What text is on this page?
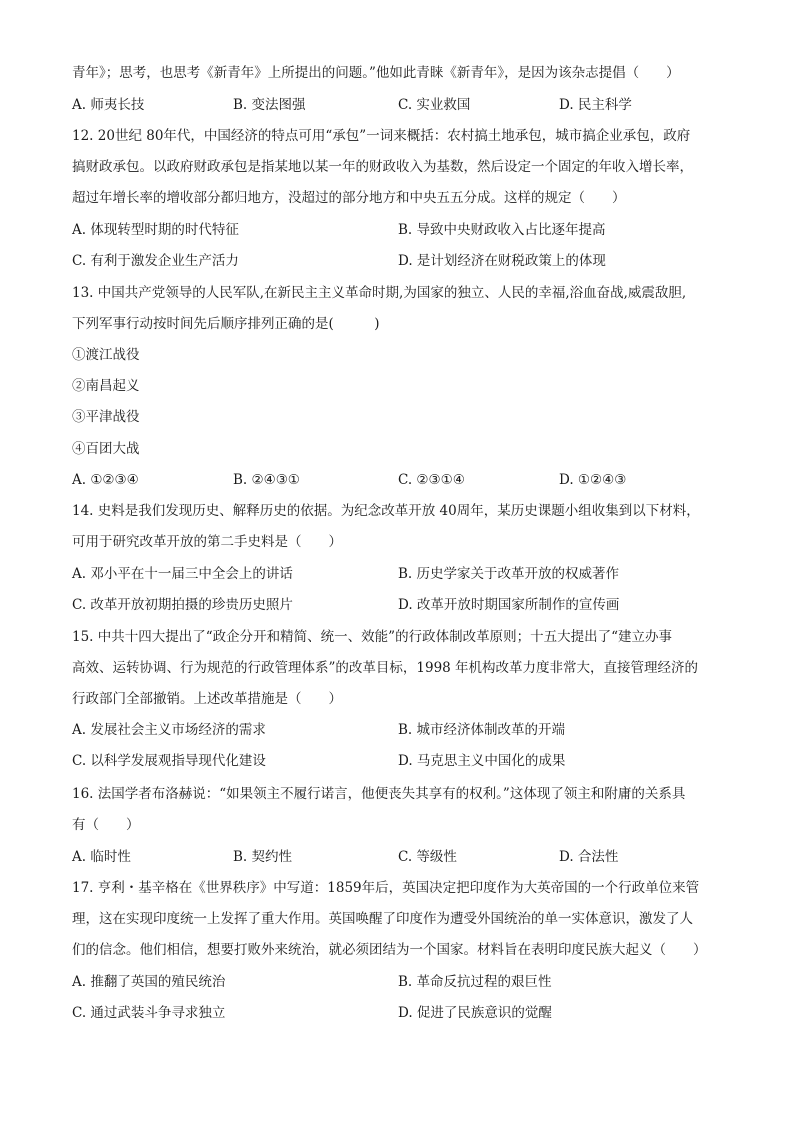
青年》；思考，也思考《新青年》上所提出的问题。”他如此青睐《新青年》，是因为该杂志提倡（　　）
A. 师夷长技	B. 变法图强	C. 实业救国	D. 民主科学
12. 20世纪 80年代，中国经济的特点可用“承包”一词来概括：农村搞土地承包，城市搞企业承包，政府
搞财政承包。以政府财政承包是指某地以某一年的财政收入为基数，然后设定一个固定的年收入增长率，
超过年增长率的增收部分都归地方，没超过的部分地方和中央五五分成。这样的规定（　　）
A. 体现转型时期的时代特征	B. 导致中央财政收入占比逐年提高
C. 有利于激发企业生产活力	D. 是计划经济在财税政策上的体现
13. 中国共产党领导的人民军队,在新民主主义革命时期,为国家的独立、人民的幸福,浴血奋战,威震敌胆,
下列军事行动按时间先后顺序排列正确的是(　　　)
①渡江战役
②南昌起义
③平津战役
④百团大战
A. ①②③④	B. ②④③①	C. ②③①④	D. ①②④③
14. 史料是我们发现历史、解释历史的依据。为纪念改革开放 40周年，某历史课题小组收集到以下材料，
可用于研究改革开放的第二手史料是（　　）
A. 邓小平在十一届三中全会上的讲话	B. 历史学家关于改革开放的权威著作
C. 改革开放初期拍摄的珍贵历史照片	D. 改革开放时期国家所制作的宣传画
15. 中共十四大提出了“政企分开和精简、统一、效能”的行政体制改革原则；十五大提出了“建立办事
高效、运转协调、行为规范的行政管理体系”的改革目标，1998 年机构改革力度非常大，直接管理经济的
行政部门全部撤销。上述改革措施是（　　）
A. 发展社会主义市场经济的需求	B. 城市经济体制改革的开端
C. 以科学发展观指导现代化建设	D. 马克思主义中国化的成果
16. 法国学者布洛赫说：“如果领主不履行诺言，他便丧失其享有的权利。”这体现了领主和附庸的关系具
有（　　）
A. 临时性	B. 契约性	C. 等级性	D. 合法性
17. 亨利・基辛格在《世界秩序》中写道：1859年后，英国决定把印度作为大英帝国的一个行政单位来管
理，这在实现印度统一上发挥了重大作用。英国唤醒了印度作为遭受外国统治的单一实体意识，激发了人
们的信念。他们相信，想要打败外来统治，就必须团结为一个国家。材料旨在表明印度民族大起义（　　）
A. 推翻了英国的殖民统治	B. 革命反抗过程的艰巨性
C. 通过武装斗争寻求独立	D. 促进了民族意识的觉醒
